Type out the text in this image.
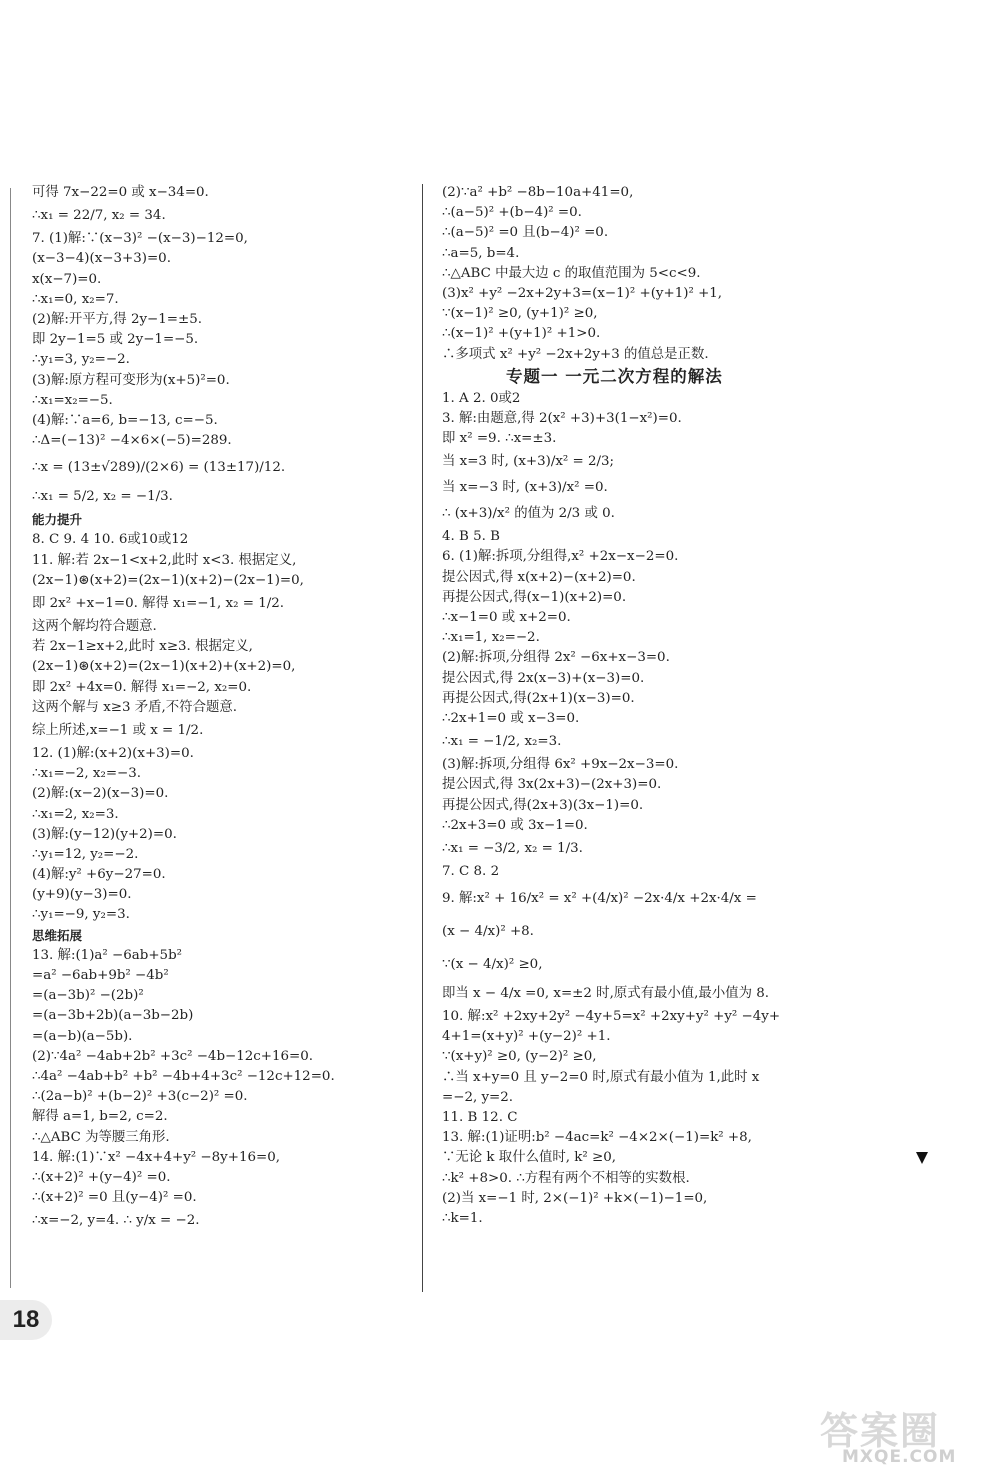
可得 7x−22=0 或 x−34=0.
∴x₁ = 22/7, x₂ = 34.
7. (1)解:∵(x−3)² −(x−3)−12=0,
(x−3−4)(x−3+3)=0.
x(x−7)=0.
∴x₁=0, x₂=7.
(2)解:开平方,得 2y−1=±5.
即 2y−1=5 或 2y−1=−5.
∴y₁=3, y₂=−2.
(3)解:原方程可变形为(x+5)²=0.
∴x₁=x₂=−5.
(4)解:∵a=6, b=−13, c=−5.
∴Δ=(−13)² −4×6×(−5)=289.
∴x = (13±√289)/(2×6) = (13±17)/12.
∴x₁ = 5/2, x₂ = −1/3.
能力提升
8. C 9. 4 10. 6或10或12
11. 解:若 2x−1<x+2,此时 x<3. 根据定义,
(2x−1)⊛(x+2)=(2x−1)(x+2)−(2x−1)=0,
即 2x² +x−1=0. 解得 x₁=−1, x₂ = 1/2.
这两个解均符合题意.
若 2x−1≥x+2,此时 x≥3. 根据定义,
(2x−1)⊛(x+2)=(2x−1)(x+2)+(x+2)=0,
即 2x² +4x=0. 解得 x₁=−2, x₂=0.
这两个解与 x≥3 矛盾,不符合题意.
综上所述,x=−1 或 x = 1/2.
12. (1)解:(x+2)(x+3)=0.
∴x₁=−2, x₂=−3.
(2)解:(x−2)(x−3)=0.
∴x₁=2, x₂=3.
(3)解:(y−12)(y+2)=0.
∴y₁=12, y₂=−2.
(4)解:y² +6y−27=0.
(y+9)(y−3)=0.
∴y₁=−9, y₂=3.
思维拓展
13. 解:(1)a² −6ab+5b²
=a² −6ab+9b² −4b²
=(a−3b)² −(2b)²
=(a−3b+2b)(a−3b−2b)
=(a−b)(a−5b).
(2)∵4a² −4ab+2b² +3c² −4b−12c+16=0.
∴4a² −4ab+b² +b² −4b+4+3c² −12c+12=0.
∴(2a−b)² +(b−2)² +3(c−2)² =0.
解得 a=1, b=2, c=2.
∴△ABC 为等腰三角形.
14. 解:(1)∵x² −4x+4+y² −8y+16=0,
∴(x+2)² +(y−4)² =0.
∴(x+2)² =0 且(y−4)² =0.
∴x=−2, y=4. ∴ y/x = −2.
(2)∵a² +b² −8b−10a+41=0,
∴(a−5)² +(b−4)² =0.
∴(a−5)² =0 且(b−4)² =0.
∴a=5, b=4.
∴△ABC 中最大边 c 的取值范围为 5<c<9.
(3)x² +y² −2x+2y+3=(x−1)² +(y+1)² +1,
∵(x−1)² ≥0, (y+1)² ≥0,
∴(x−1)² +(y+1)² +1>0.
∴多项式 x² +y² −2x+2y+3 的值总是正数.
专题一 一元二次方程的解法
1. A 2. 0或2
3. 解:由题意,得 2(x² +3)+3(1−x²)=0.
即 x² =9. ∴x=±3.
当 x=3 时, (x+3)/x² = 2/3;
当 x=−3 时, (x+3)/x² =0.
∴ (x+3)/x² 的值为 2/3 或 0.
4. B 5. B
6. (1)解:拆项,分组得,x² +2x−x−2=0.
提公因式,得 x(x+2)−(x+2)=0.
再提公因式,得(x−1)(x+2)=0.
∴x−1=0 或 x+2=0.
∴x₁=1, x₂=−2.
(2)解:拆项,分组得 2x² −6x+x−3=0.
提公因式,得 2x(x−3)+(x−3)=0.
再提公因式,得(2x+1)(x−3)=0.
∴2x+1=0 或 x−3=0.
∴x₁ = −1/2, x₂=3.
(3)解:拆项,分组得 6x² +9x−2x−3=0.
提公因式,得 3x(2x+3)−(2x+3)=0.
再提公因式,得(2x+3)(3x−1)=0.
∴2x+3=0 或 3x−1=0.
∴x₁ = −3/2, x₂ = 1/3.
7. C 8. 2
9. 解:x² + 16/x² = x² +(4/x)² −2x·4/x +2x·4/x =
(x − 4/x)² +8.
∵(x − 4/x)² ≥0,
即当 x − 4/x =0, x=±2 时,原式有最小值,最小值为 8.
10. 解:x² +2xy+2y² −4y+5=x² +2xy+y² +y² −4y+
4+1=(x+y)² +(y−2)² +1.
∵(x+y)² ≥0, (y−2)² ≥0,
∴当 x+y=0 且 y−2=0 时,原式有最小值为 1,此时 x
=−2, y=2.
11. B 12. C
13. 解:(1)证明:b² −4ac=k² −4×2×(−1)=k² +8,
∵无论 k 取什么值时, k² ≥0,
∴k² +8>0. ∴方程有两个不相等的实数根.
(2)当 x=−1 时, 2×(−1)² +k×(−1)−1=0,
∴k=1.
18
答案圈
MXQE.COM
